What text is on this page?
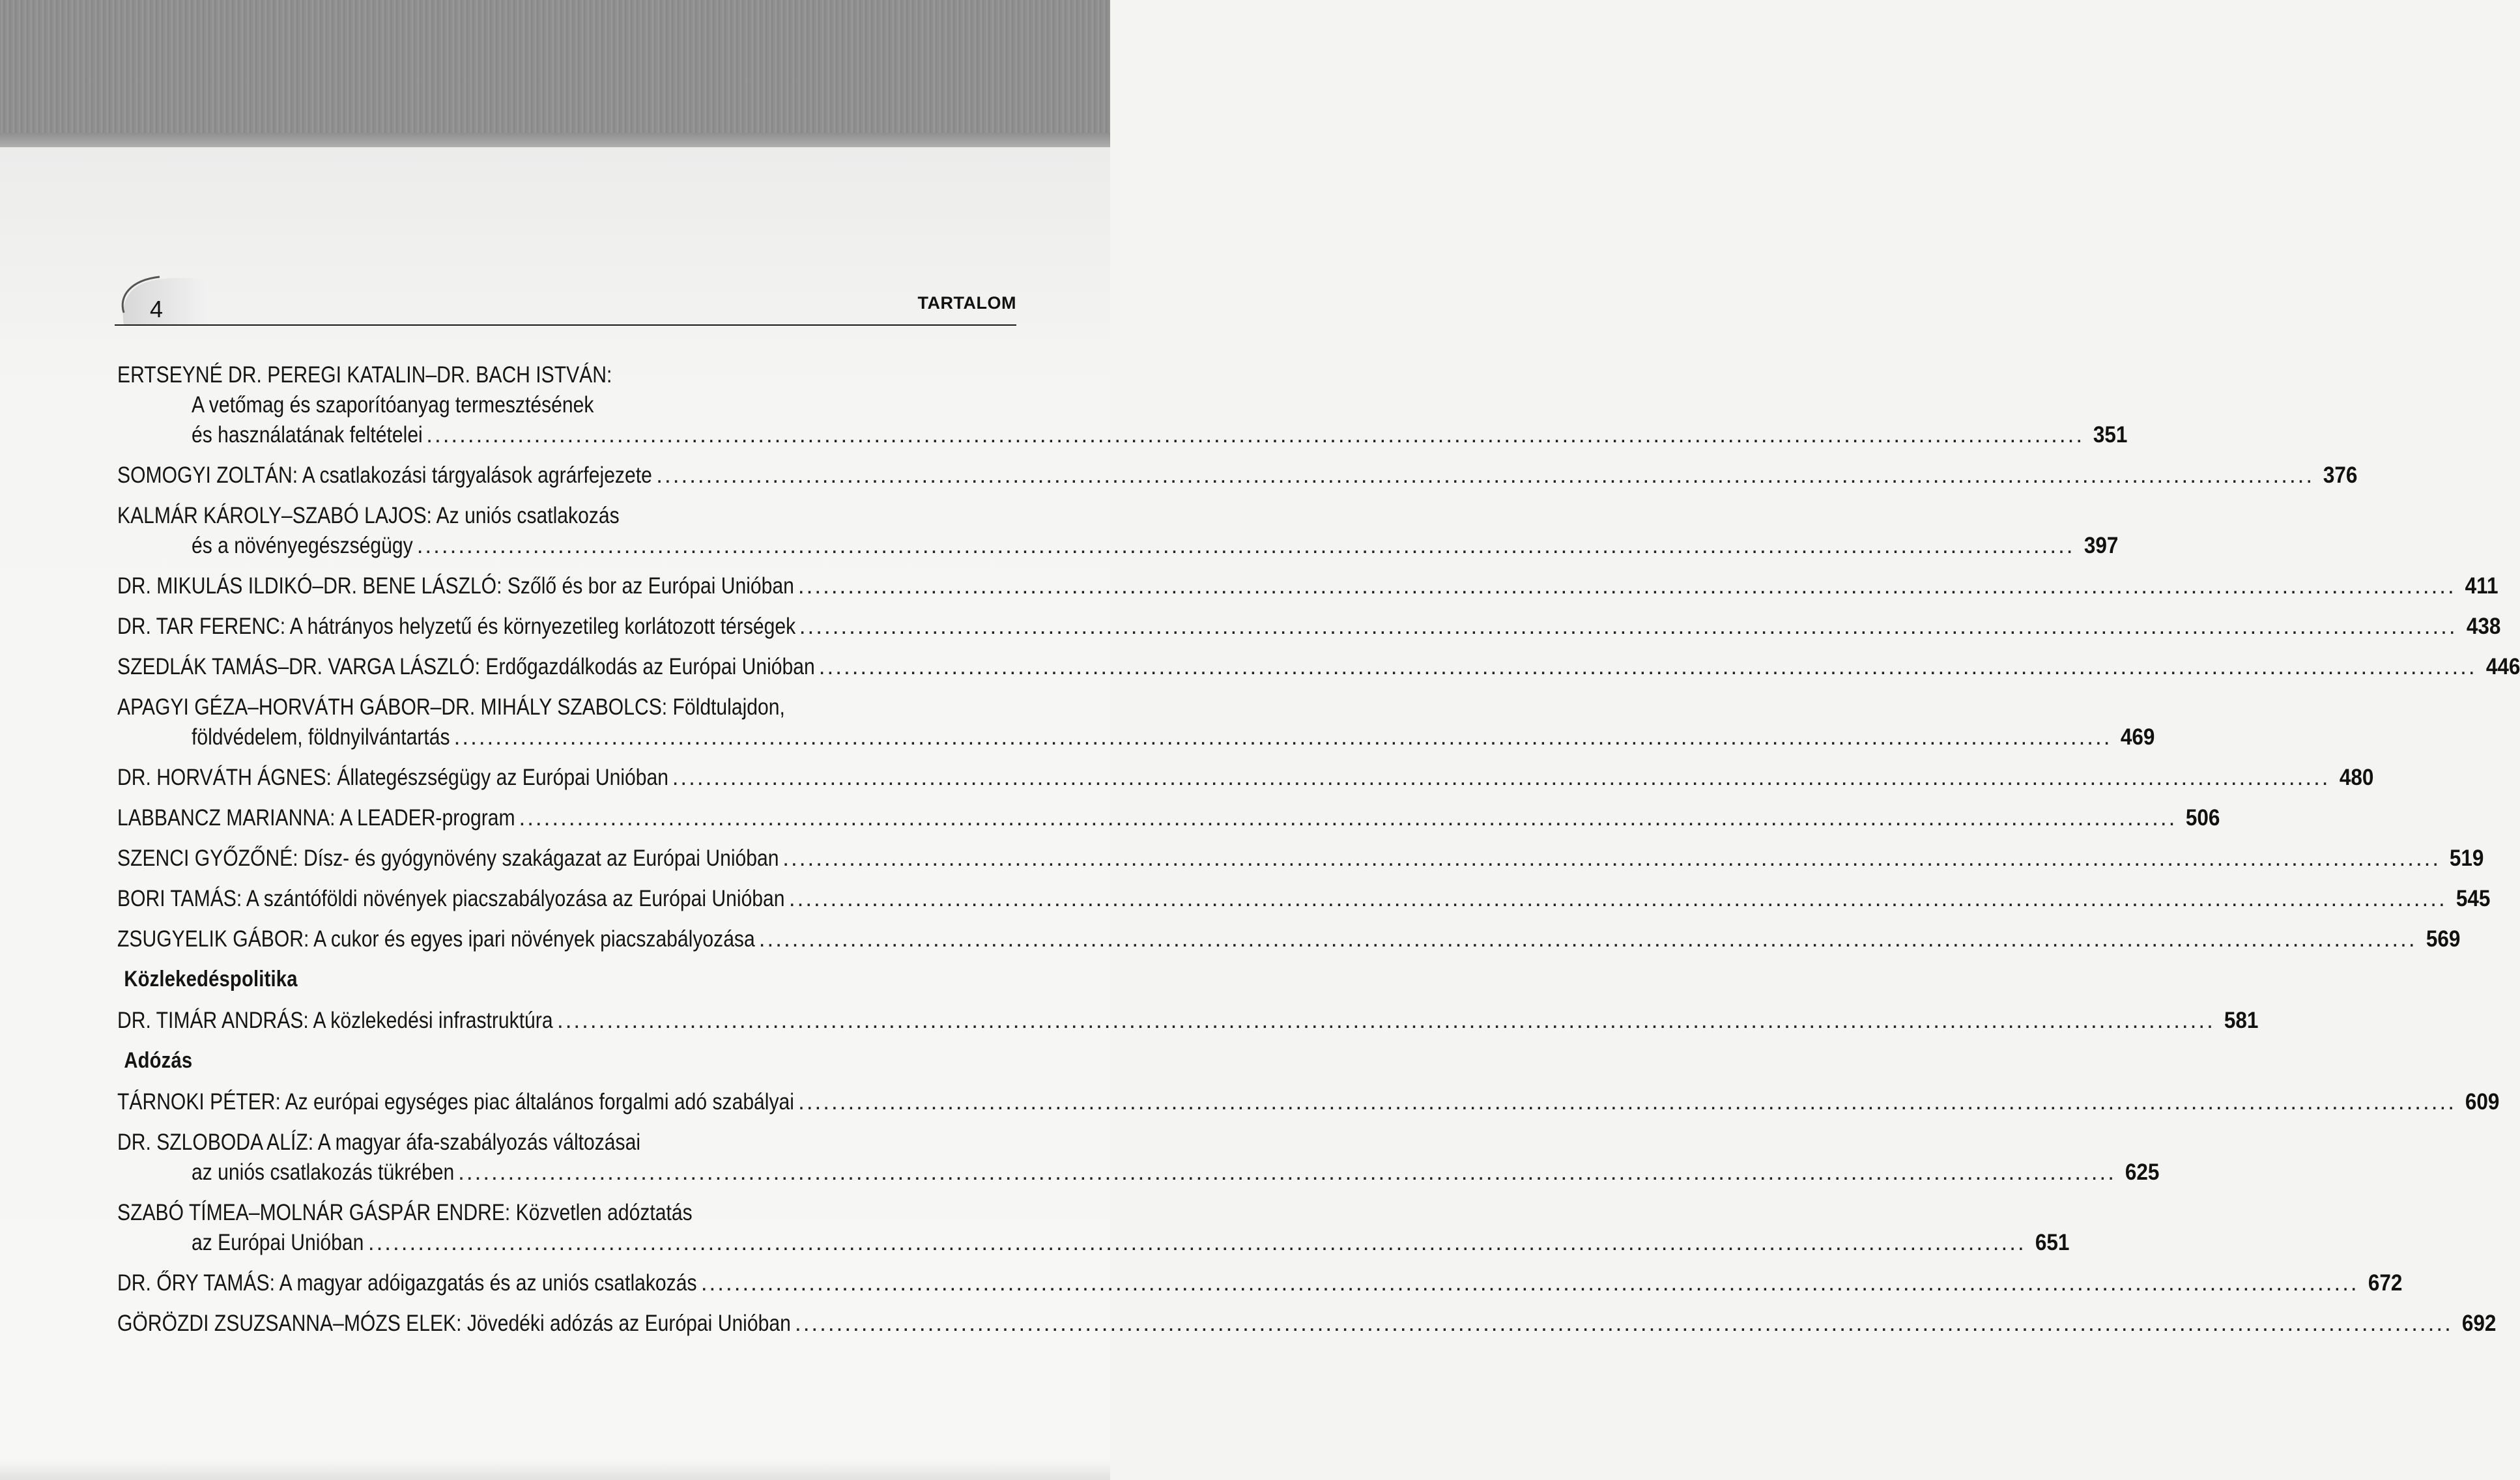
4	TARTALOM
ERTSEYNÉ DR. PEREGI KATALIN–DR. BACH ISTVÁN:
A vetőmag és szaporítóanyag termesztésének
és használatának feltételei ........................................................................................................................................................................................................ 351
SOMOGYI ZOLTÁN: A csatlakozási tárgyalások agrárfejezete ........................................................................................................................................................................................................ 376
KALMÁR KÁROLY–SZABÓ LAJOS: Az uniós csatlakozás
és a növényegészségügy ........................................................................................................................................................................................................ 397
DR. MIKULÁS ILDIKÓ–DR. BENE LÁSZLÓ: Szőlő és bor az Európai Unióban ........................................................................................................................................................................................................ 411
DR. TAR FERENC: A hátrányos helyzetű és környezetileg korlátozott térségek ........................................................................................................................................................................................................ 438
SZEDLÁK TAMÁS–DR. VARGA LÁSZLÓ: Erdőgazdálkodás az Európai Unióban ........................................................................................................................................................................................................ 446
APAGYI GÉZA–HORVÁTH GÁBOR–DR. MIHÁLY SZABOLCS: Földtulajdon,
földvédelem, földnyilvántartás ........................................................................................................................................................................................................ 469
DR. HORVÁTH ÁGNES: Állategészségügy az Európai Unióban ........................................................................................................................................................................................................ 480
LABBANCZ MARIANNA: A LEADER-program ........................................................................................................................................................................................................ 506
SZENCI GYŐZŐNÉ: Dísz- és gyógynövény szakágazat az Európai Unióban ........................................................................................................................................................................................................ 519
BORI TAMÁS: A szántóföldi növények piacszabályozása az Európai Unióban ........................................................................................................................................................................................................ 545
ZSUGYELIK GÁBOR: A cukor és egyes ipari növények piacszabályozása ........................................................................................................................................................................................................ 569
Közlekedéspolitika
DR. TIMÁR ANDRÁS: A közlekedési infrastruktúra ........................................................................................................................................................................................................ 581
Adózás
TÁRNOKI PÉTER: Az európai egységes piac általános forgalmi adó szabályai ........................................................................................................................................................................................................ 609
DR. SZLOBODA ALÍZ: A magyar áfa-szabályozás változásai
az uniós csatlakozás tükrében ........................................................................................................................................................................................................ 625
SZABÓ TÍMEA–MOLNÁR GÁSPÁR ENDRE: Közvetlen adóztatás
az Európai Unióban ........................................................................................................................................................................................................ 651
DR. ŐRY TAMÁS: A magyar adóigazgatás és az uniós csatlakozás ........................................................................................................................................................................................................ 672
GÖRÖZDI ZSUZSANNA–MÓZS ELEK: Jövedéki adózás az Európai Unióban ........................................................................................................................................................................................................ 692
